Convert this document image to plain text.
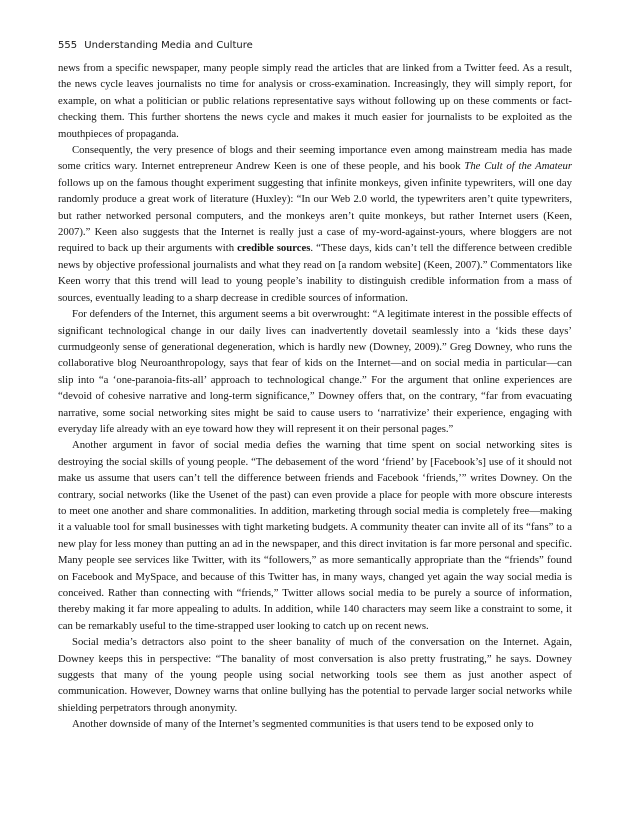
555 Understanding Media and Culture

news from a specific newspaper, many people simply read the articles that are linked from a Twitter feed. As a result, the news cycle leaves journalists no time for analysis or cross-examination. Increasingly, they will simply report, for example, on what a politician or public relations representative says without following up on these comments or fact-checking them. This further shortens the news cycle and makes it much easier for journalists to be exploited as the mouthpieces of propaganda.

Consequently, the very presence of blogs and their seeming importance even among mainstream media has made some critics wary. Internet entrepreneur Andrew Keen is one of these people, and his book The Cult of the Amateur follows up on the famous thought experiment suggesting that infinite monkeys, given infinite typewriters, will one day randomly produce a great work of literature (Huxley): “In our Web 2.0 world, the typewriters aren’t quite typewriters, but rather networked personal computers, and the monkeys aren’t quite monkeys, but rather Internet users (Keen, 2007).” Keen also suggests that the Internet is really just a case of my-word-against-yours, where bloggers are not required to back up their arguments with credible sources. “These days, kids can’t tell the difference between credible news by objective professional journalists and what they read on [a random website] (Keen, 2007).” Commentators like Keen worry that this trend will lead to young people’s inability to distinguish credible information from a mass of sources, eventually leading to a sharp decrease in credible sources of information.

For defenders of the Internet, this argument seems a bit overwrought: “A legitimate interest in the possible effects of significant technological change in our daily lives can inadvertently dovetail seamlessly into a ‘kids these days’ curmudgeonly sense of generational degeneration, which is hardly new (Downey, 2009).” Greg Downey, who runs the collaborative blog Neuroanthropology, says that fear of kids on the Internet—and on social media in particular—can slip into “a ‘one-paranoia-fits-all’ approach to technological change.” For the argument that online experiences are “devoid of cohesive narrative and long-term significance,” Downey offers that, on the contrary, “far from evacuating narrative, some social networking sites might be said to cause users to ‘narrativize’ their experience, engaging with everyday life already with an eye toward how they will represent it on their personal pages.”

Another argument in favor of social media defies the warning that time spent on social networking sites is destroying the social skills of young people. “The debasement of the word ‘friend’ by [Facebook’s] use of it should not make us assume that users can’t tell the difference between friends and Facebook ‘friends,’” writes Downey. On the contrary, social networks (like the Usenet of the past) can even provide a place for people with more obscure interests to meet one another and share commonalities. In addition, marketing through social media is completely free—making it a valuable tool for small businesses with tight marketing budgets. A community theater can invite all of its “fans” to a new play for less money than putting an ad in the newspaper, and this direct invitation is far more personal and specific. Many people see services like Twitter, with its “followers,” as more semantically appropriate than the “friends” found on Facebook and MySpace, and because of this Twitter has, in many ways, changed yet again the way social media is conceived. Rather than connecting with “friends,” Twitter allows social media to be purely a source of information, thereby making it far more appealing to adults. In addition, while 140 characters may seem like a constraint to some, it can be remarkably useful to the time-strapped user looking to catch up on recent news.

Social media’s detractors also point to the sheer banality of much of the conversation on the Internet. Again, Downey keeps this in perspective: “The banality of most conversation is also pretty frustrating,” he says. Downey suggests that many of the young people using social networking tools see them as just another aspect of communication. However, Downey warns that online bullying has the potential to pervade larger social networks while shielding perpetrators through anonymity.

Another downside of many of the Internet’s segmented communities is that users tend to be exposed only to
